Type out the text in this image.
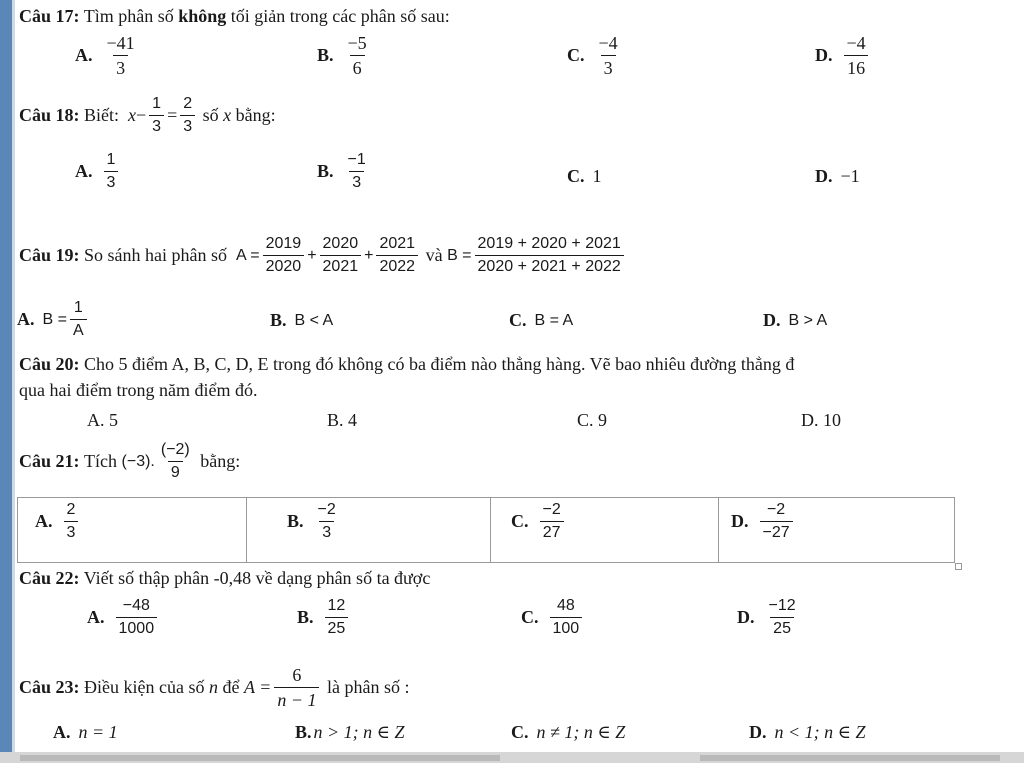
Câu 17: Tìm phân số không tối giản trong các phân số sau:
A. $\frac{-41}{3}$	B. $\frac{-5}{6}$	C. $\frac{-4}{3}$	D. $\frac{-4}{16}$
Câu 18:
Biết:
$x - \frac{1}{3} = \frac{2}{3}$
số
x
bằng:
A. $\frac{1}{3}$	B. $\frac{-1}{3}$	C. 1	D. −1
Câu 19:
So sánh hai phân số
$A = \frac{2019}{2020} + \frac{2020}{2021} + \frac{2021}{2022}$
và
$B = \frac{2019 + 2020 + 2021}{2020 + 2021 + 2022}$
A. $B = \frac{1}{A}$	B. B < A	C. B = A	D. B > A
Câu 20: Cho 5 điểm A, B, C, D, E trong đó không có ba điểm nào thẳng hàng. Vẽ bao nhiêu đường thẳng đ
qua hai điểm trong năm điểm đó.
A. 5	B. 4	C. 9	D. 10
Câu 21:
Tích
(−3). $\frac{(-2)}{9}$
bằng:
A. $\frac{2}{3}$	B. $\frac{-2}{3}$	C. $\frac{-2}{27}$	D. $\frac{-2}{-27}$
Câu 22: Viết số thập phân -0,48 về dạng phân số ta được
A. $\frac{-48}{1000}$	B. $\frac{12}{25}$	C. $\frac{48}{100}$	D. $\frac{-12}{25}$
Câu 23:
Điều kiện của số
n
để
$A = \frac{6}{n - 1}$
là phân số :
A. n = 1	B. n > 1; n ∈ Z	C. n ≠ 1; n ∈ Z	D. n < 1; n ∈ Z
